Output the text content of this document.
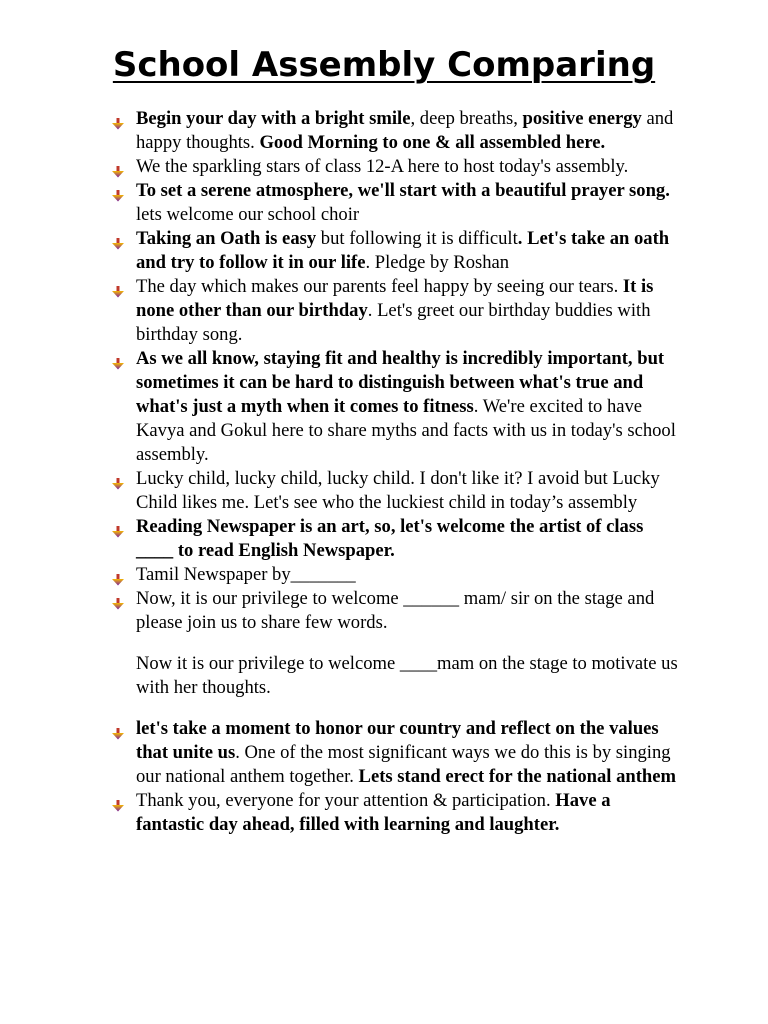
School Assembly Comparing
Begin your day with a bright smile, deep breaths, positive energy and happy thoughts. Good Morning to one & all assembled here.
We the sparkling stars of class 12-A here to host today's assembly.
To set a serene atmosphere, we'll start with a beautiful prayer song. lets welcome our school choir
Taking an Oath is easy but following it is difficult. Let's take an oath and try to follow it in our life. Pledge by Roshan
The day which makes our parents feel happy by seeing our tears. It is none other than our birthday. Let's greet our birthday buddies with birthday song.
As we all know, staying fit and healthy is incredibly important, but sometimes it can be hard to distinguish between what's true and what's just a myth when it comes to fitness. We're excited to have Kavya and Gokul here to share myths and facts with us in today's school assembly.
Lucky child, lucky child, lucky child. I don't like it? I avoid but Lucky Child likes me. Let's see who the luckiest child in today’s assembly
Reading Newspaper is an art, so, let's welcome the artist of class ____ to read English Newspaper.
Tamil Newspaper by_______
Now, it is our privilege to welcome ______ mam/ sir on the stage and please join us to share few words.
Now it is our privilege to welcome ____mam on the stage to motivate us with her thoughts.
let's take a moment to honor our country and reflect on the values that unite us. One of the most significant ways we do this is by singing our national anthem together. Lets stand erect for the national anthem
Thank you, everyone for your attention & participation. Have a fantastic day ahead, filled with learning and laughter.
